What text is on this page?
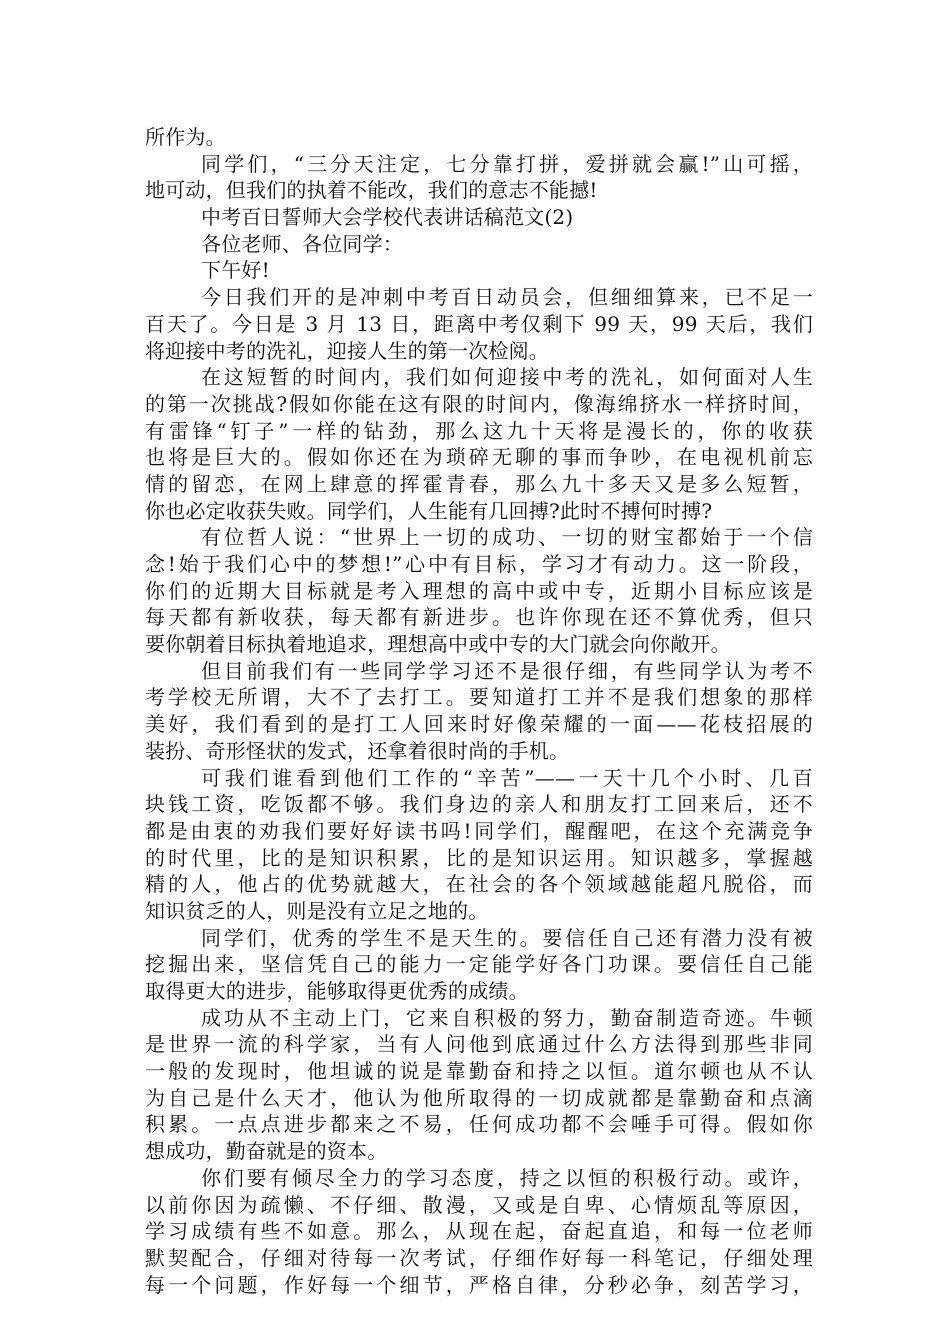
所作为。
同学们，“三分天注定，七分靠打拼，爱拼就会赢!”山可摇，
地可动，但我们的执着不能改，我们的意志不能撼!
中考百日誓师大会学校代表讲话稿范文(2)
各位老师、各位同学：
下午好!
今日我们开的是冲刺中考百日动员会，但细细算来，已不足一
百天了。今日是 3 月 13 日，距离中考仅剩下 99 天，99 天后，我们
将迎接中考的洗礼，迎接人生的第一次检阅。
在这短暂的时间内，我们如何迎接中考的洗礼，如何面对人生
的第一次挑战?假如你能在这有限的时间内，像海绵挤水一样挤时间，
有雷锋“钉子”一样的钻劲，那么这九十天将是漫长的，你的收获
也将是巨大的。假如你还在为琐碎无聊的事而争吵，在电视机前忘
情的留恋，在网上肆意的挥霍青春，那么九十多天又是多么短暂，
你也必定收获失败。同学们，人生能有几回搏?此时不搏何时搏?
有位哲人说：“世界上一切的成功、一切的财宝都始于一个信
念!始于我们心中的梦想!”心中有目标，学习才有动力。这一阶段，
你们的近期大目标就是考入理想的高中或中专，近期小目标应该是
每天都有新收获，每天都有新进步。也许你现在还不算优秀，但只
要你朝着目标执着地追求，理想高中或中专的大门就会向你敞开。
但目前我们有一些同学学习还不是很仔细，有些同学认为考不
考学校无所谓，大不了去打工。要知道打工并不是我们想象的那样
美好，我们看到的是打工人回来时好像荣耀的一面——花枝招展的
装扮、奇形怪状的发式，还拿着很时尚的手机。
可我们谁看到他们工作的“辛苦”——一天十几个小时、几百
块钱工资，吃饭都不够。我们身边的亲人和朋友打工回来后，还不
都是由衷的劝我们要好好读书吗!同学们，醒醒吧，在这个充满竞争
的时代里，比的是知识积累，比的是知识运用。知识越多，掌握越
精的人，他占的优势就越大，在社会的各个领域越能超凡脱俗，而
知识贫乏的人，则是没有立足之地的。
同学们，优秀的学生不是天生的。要信任自己还有潜力没有被
挖掘出来，坚信凭自己的能力一定能学好各门功课。要信任自己能
取得更大的进步，能够取得更优秀的成绩。
成功从不主动上门，它来自积极的努力，勤奋制造奇迹。牛顿
是世界一流的科学家，当有人问他到底通过什么方法得到那些非同
一般的发现时，他坦诚的说是靠勤奋和持之以恒。道尔顿也从不认
为自己是什么天才，他认为他所取得的一切成就都是靠勤奋和点滴
积累。一点点进步都来之不易，任何成功都不会唾手可得。假如你
想成功，勤奋就是的资本。
你们要有倾尽全力的学习态度，持之以恒的积极行动。或许，
以前你因为疏懒、不仔细、散漫，又或是自卑、心情烦乱等原因，
学习成绩有些不如意。那么，从现在起，奋起直追，和每一位老师
默契配合，仔细对待每一次考试，仔细作好每一科笔记，仔细处理
每一个问题，作好每一个细节，严格自律，分秒必争，刻苦学习，
